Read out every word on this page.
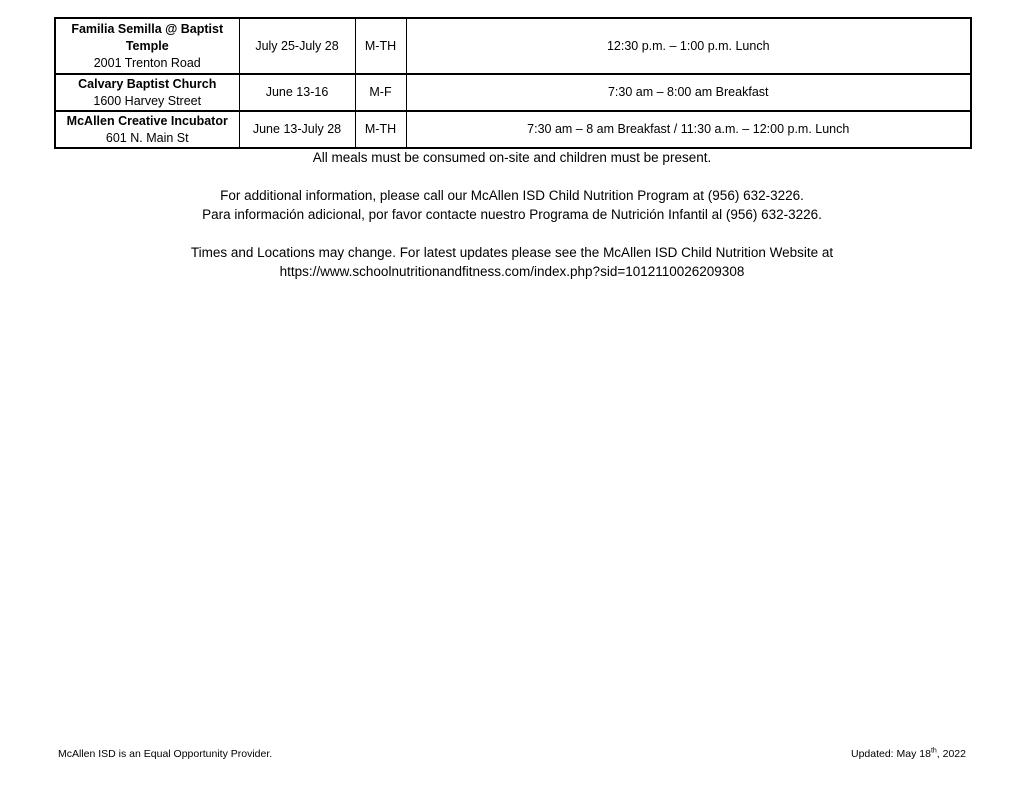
Familia Semilla @ Baptist Temple
2001 Trenton Road	July 25-July 28	M-TH	12:30 p.m. – 1:00 p.m. Lunch

Calvary Baptist Church
1600 Harvey Street	June 13-16	M-F	7:30 am – 8:00 am Breakfast

McAllen Creative Incubator
601 N. Main St	June 13-July 28	M-TH	7:30 am – 8 am Breakfast / 11:30 a.m. – 12:00 p.m. Lunch
All meals must be consumed on-site and children must be present.
For additional information, please call our McAllen ISD Child Nutrition Program at (956) 632-3226.
Para información adicional, por favor contacte nuestro Programa de Nutrición Infantil al (956) 632-3226.
Times and Locations may change. For latest updates please see the McAllen ISD Child Nutrition Website at
https://www.schoolnutritionandfitness.com/index.php?sid=1012110026209308
McAllen ISD is an Equal Opportunity Provider.	Updated: May 18th, 2022
